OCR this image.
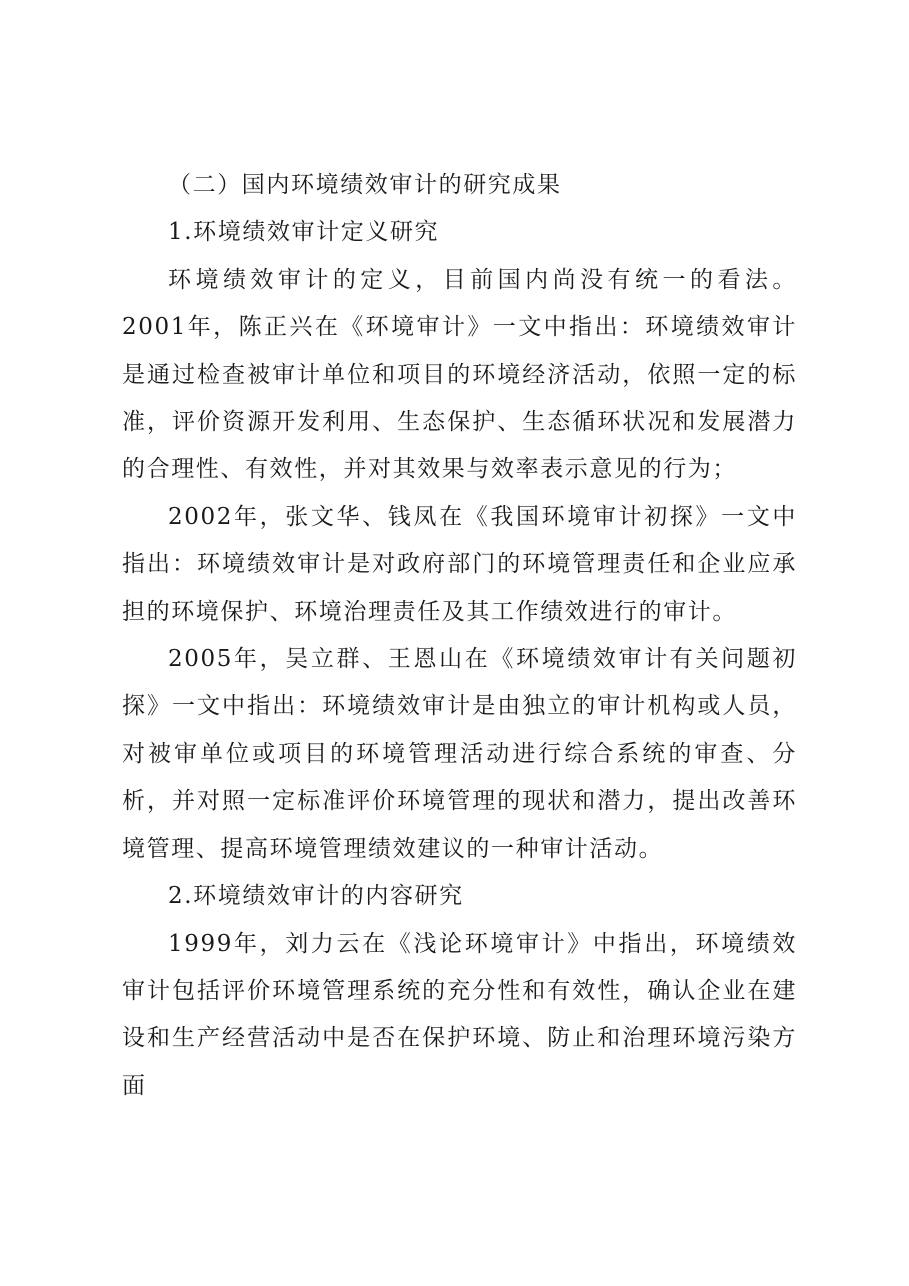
（二）国内环境绩效审计的研究成果

1.环境绩效审计定义研究

环境绩效审计的定义，目前国内尚没有统一的看法。2001年，陈正兴在《环境审计》一文中指出：环境绩效审计是通过检查被审计单位和项目的环境经济活动，依照一定的标准，评价资源开发利用、生态保护、生态循环状况和发展潜力的合理性、有效性，并对其效果与效率表示意见的行为；

2002年，张文华、钱凤在《我国环境审计初探》一文中指出：环境绩效审计是对政府部门的环境管理责任和企业应承担的环境保护、环境治理责任及其工作绩效进行的审计。

2005年，吴立群、王恩山在《环境绩效审计有关问题初探》一文中指出：环境绩效审计是由独立的审计机构或人员，对被审单位或项目的环境管理活动进行综合系统的审查、分析，并对照一定标准评价环境管理的现状和潜力，提出改善环境管理、提高环境管理绩效建议的一种审计活动。

2.环境绩效审计的内容研究

1999年，刘力云在《浅论环境审计》中指出，环境绩效审计包括评价环境管理系统的充分性和有效性，确认企业在建设和生产经营活动中是否在保护环境、防止和治理环境污染方面
